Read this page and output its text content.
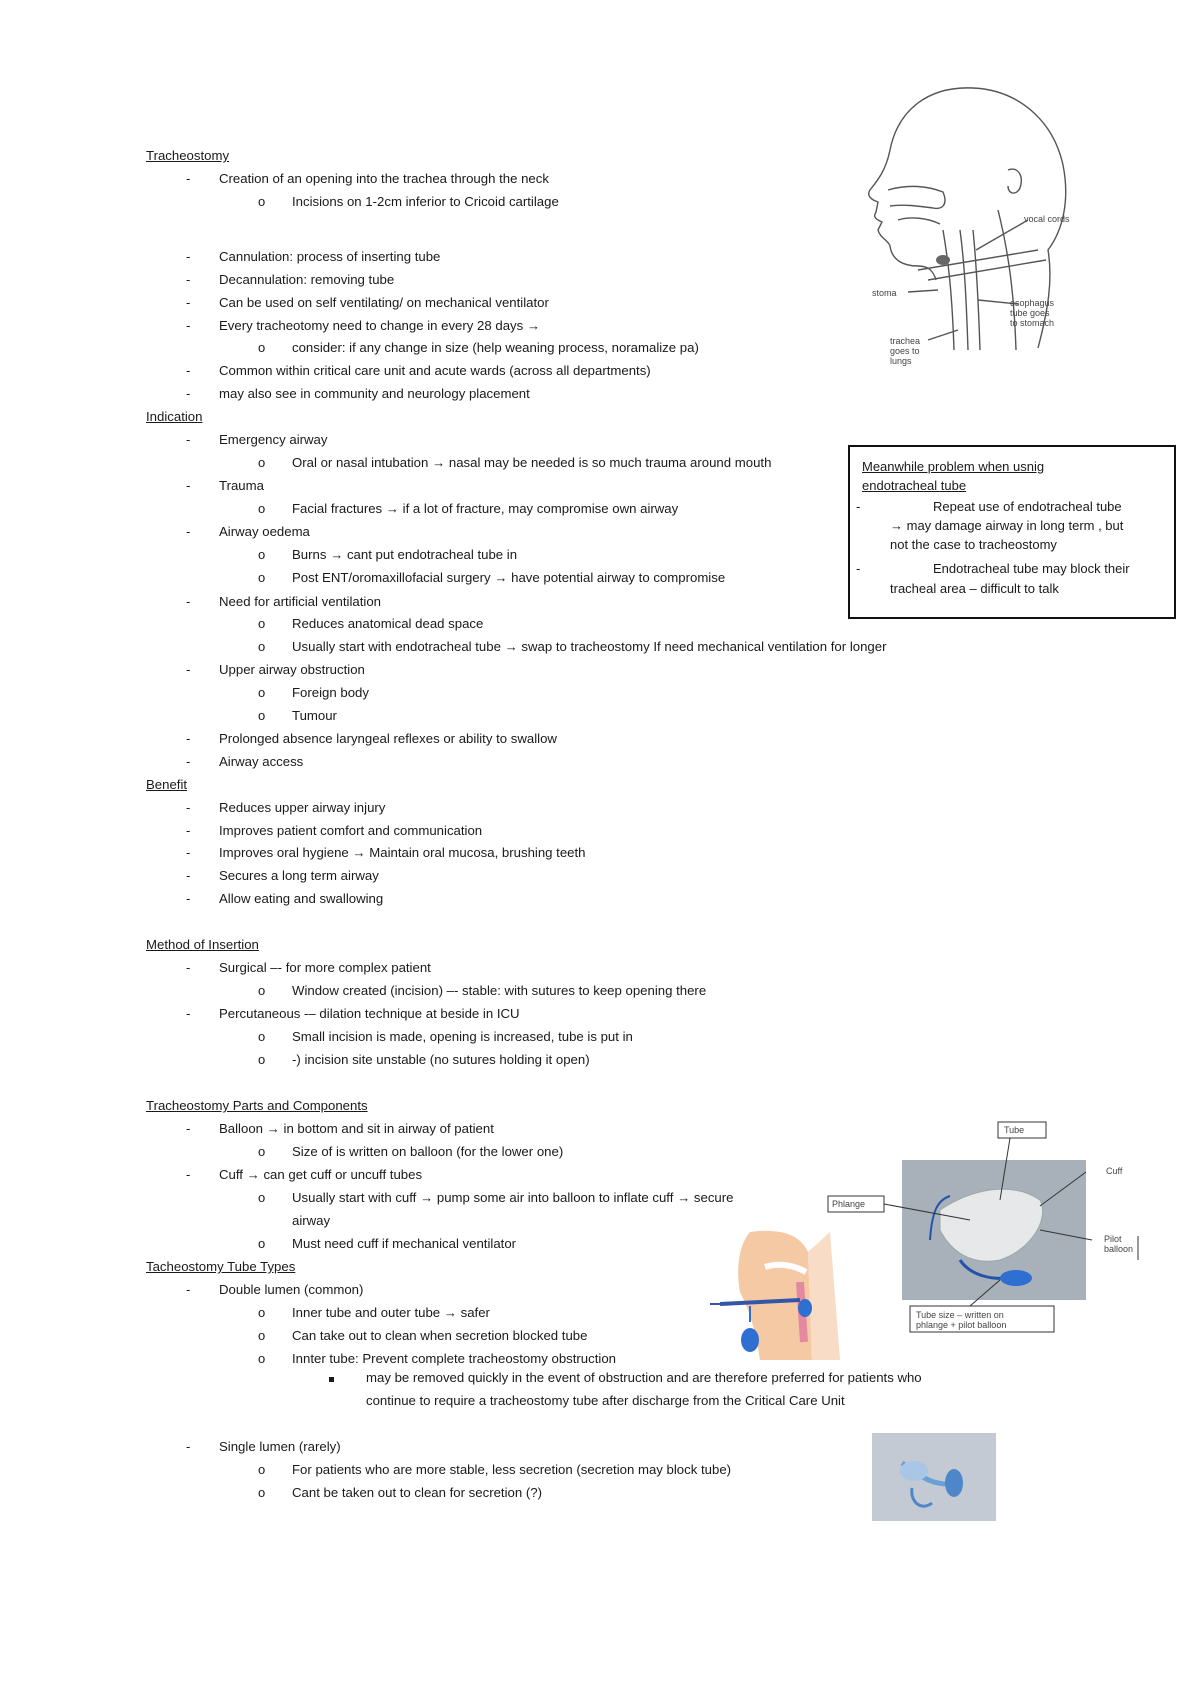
Tracheostomy
- Creation of an opening into the trachea through the neck
o Incisions on 1-2cm inferior to Cricoid cartilage
- Cannulation: process of inserting tube
- Decannulation: removing tube
- Can be used on self ventilating/ on mechanical ventilator
- Every tracheotomy need to change in every 28 days →
o consider: if any change in size (help weaning process, noramalize pa)
- Common within critical care unit and acute wards (across all departments)
- may also see in community and neurology placement
Indication
- Emergency airway
o Oral or nasal intubation → nasal may be needed is so much trauma around mouth
- Trauma
o Facial fractures → if a lot of fracture, may compromise own airway
- Airway oedema
o Burns → cant put endotracheal tube in
o Post ENT/oromaxillofacial surgery → have potential airway to compromise
- Need for artificial ventilation
o Reduces anatomical dead space
o Usually start with endotracheal tube → swap to tracheostomy If need mechanical ventilation for longer
- Upper airway obstruction
o Foreign body
o Tumour
- Prolonged absence laryngeal reflexes or ability to swallow
- Airway access
Benefit
- Reduces upper airway injury
- Improves patient comfort and communication
- Improves oral hygiene → Maintain oral mucosa, brushing teeth
- Secures a long term airway
- Allow eating and swallowing
Method of Insertion
- Surgical –- for more complex patient
o Window created (incision) –- stable: with sutures to keep opening there
- Percutaneous -– dilation technique at beside in ICU
o Small incision is made, opening is increased, tube is put in
o -) incision site unstable (no sutures holding it open)
Tracheostomy Parts and Components
- Balloon → in bottom and sit in airway of patient
o Size of is written on balloon (for the lower one)
- Cuff → can get cuff or uncuff tubes
o Usually start with cuff → pump some air into balloon to inflate cuff → secure
airway
o Must need cuff if mechanical ventilator
Tacheostomy Tube Types
- Double lumen (common)
o Inner tube and outer tube → safer
o Can take out to clean when secretion blocked tube
o Innter tube: Prevent complete tracheostomy obstruction
may be removed quickly in the event of obstruction and are therefore preferred for patients who
continue to require a tracheostomy tube after discharge from the Critical Care Unit
- Single lumen (rarely)
o For patients who are more stable, less secretion (secretion may block tube)
o Cant be taken out to clean for secretion (?)
Meanwhile problem when usnig
endotracheal tube
-	Repeat use of endotracheal tube
→ may damage airway in long term , but
not the case to tracheostomy
-	Endotracheal tube may block their
tracheal area – difficult to talk
vocal cords
stoma
esophagus
tube goes
to stomach
trachea
goes to
lungs
Tube
Phlange
Cuff
Pilot
balloon
Tube size – written on
phlange + pilot balloon
